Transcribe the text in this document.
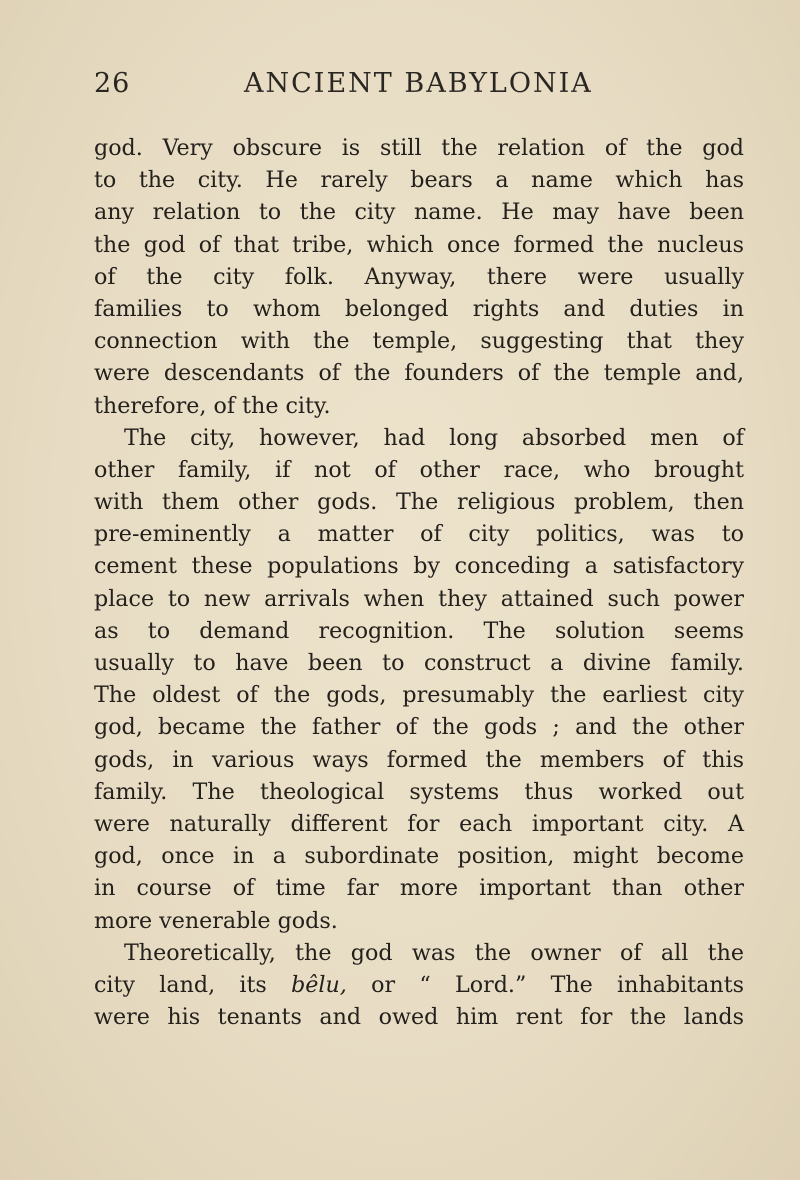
26	ANCIENT BABYLONIA
god. Very obscure is still the relation of the god
to the city. He rarely bears a name which has
any relation to the city name. He may have been
the god of that tribe, which once formed the nucleus
of the city folk. Anyway, there were usually
families to whom belonged rights and duties in
connection with the temple, suggesting that they
were descendants of the founders of the temple and,
therefore, of the city.
The city, however, had long absorbed men of
other family, if not of other race, who brought
with them other gods. The religious problem, then
pre-eminently a matter of city politics, was to
cement these populations by conceding a satisfactory
place to new arrivals when they attained such power
as to demand recognition. The solution seems
usually to have been to construct a divine family.
The oldest of the gods, presumably the earliest city
god, became the father of the gods ; and the other
gods, in various ways formed the members of this
family. The theological systems thus worked out
were naturally different for each important city. A
god, once in a subordinate position, might become
in course of time far more important than other
more venerable gods.
Theoretically, the god was the owner of all the
city land, its bêlu, or “ Lord.” The inhabitants
were his tenants and owed him rent for the lands
